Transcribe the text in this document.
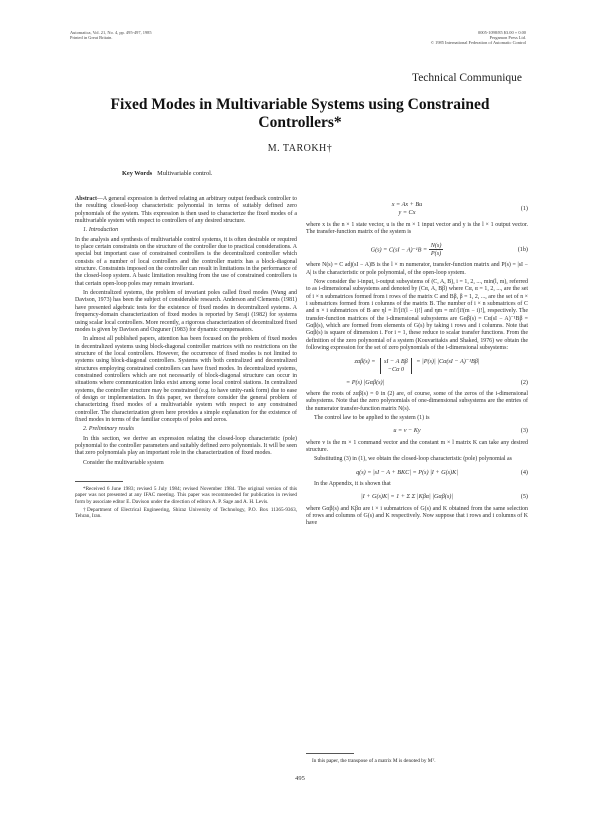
Automatica, Vol. 21, No. 4, pp. 495-497, 1985
Printed in Great Britain.
0005-1098/85 $3.00 + 0.00
Pergamon Press Ltd.
© 1985 International Federation of Automatic Control
Technical Communique
Fixed Modes in Multivariable Systems using Constrained Controllers*
M. TAROKH†
Key Words Multivariable control.

Abstract—A general expression is derived relating an arbitrary output feedback controller to the resulting closed-loop characteristic polynomial in terms of suitably defined zero polynomials of the system. This expression is then used to characterize the fixed modes of a multivariable system with respect to controllers of any desired structure.

1. Introduction

In the analysis and synthesis of multivariable control systems, it is often desirable or required to place certain constraints on the structure of the controller due to practical considerations. A special but important case of constrained controllers is the decentralized controller which consists of a number of local controllers and the controller matrix has a block-diagonal structure. Constraints imposed on the controller can result in limitations in the performance of the closed-loop system. A basic limitation resulting from the use of constrained controllers is that certain open-loop poles may remain invariant.

In decentralized systems, the problem of invariant poles called fixed modes (Wang and Davison, 1973) has been the subject of considerable research. Anderson and Clements (1981) have presented algebraic tests for the existence of fixed modes in decentralized systems. A frequency-domain characterization of fixed modes is reported by Seraji (1982) for systems using scalar local controllers. More recently, a rigorous characterization of decentralized fixed modes is given by Davison and Ozguner (1983) for dynamic compensators.

In almost all published papers, attention has been focused on the problem of fixed modes in decentralized systems using block-diagonal controller matrices with no restrictions on the structure of the local controllers. However, the occurrence of fixed modes is not limited to systems using block-diagonal controllers. Systems with both centralized and decentralized structures employing constrained controllers can have fixed modes. In decentralized systems, constrained controllers which are not necessarily of block-diagonal structure can occur in situations where communication links exist among some local control stations. In centralized systems, the controller structure may be constrained (e.g. to have unity-rank form) due to ease of design or implementation. In this paper, we therefore consider the general problem of characterizing fixed modes of a multivariable system with respect to any constrained controller. The characterization given here provides a simple explanation for the existence of fixed modes in terms of the familiar concepts of poles and zeros.

2. Preliminary results

In this section, we derive an expression relating the closed-loop characteristic (pole) polynomial to the controller parameters and suitably defined zero polynomials. It will be seen that zero polynomials play an important role in the characterization of fixed modes.

Consider the multivariable system

*Received 6 June 1983; revised 5 July 1984; revised November 1984. The original version of this paper was not presented at any IFAC meeting. This paper was recommended for publication in revised form by associate editor E. Davison under the direction of editors A. P. Sage and A. H. Levis.

†Department of Electrical Engineering, Shiraz University of Technology, P.O. Box 11365-9363, Tehran, Iran.

x = Ax + Bu
y = Cx
(1)

where x is the n × 1 state vector, u is the m × 1 input vector and y is the l × 1 output vector. The transfer-function matrix of the system is

$G(s) = C(sI - A)^{-1}B = \frac{N(s)}{P(s)}$	(1b)

where N(s) = C adj(sI − A)B is the l × m numerator, transfer-function matrix and P(s) = |sI − A| is the characteristic or pole polynomial, of the open-loop system.

Now consider the i-input, i-output subsystems of (C, A, B), i = 1, 2, ..., min(l, m), referred to as i-dimensional subsystems and denoted by (Cα, A, Bβ) where Cα, α = 1, 2, ..., are the set of i × n submatrices formed from i rows of the matrix C and Bβ, β = 1, 2, ..., are the set of n × i submatrices formed from i columns of the matrix B. The number of i × n submatrices of C and n × i submatrices of B are ηl = l!/[i!(l − i)!] and ηm = m!/[i!(m − i)!], respectively. The transfer-function matrices of the i-dimensional subsystems are Gαβ(s) = Cα(sI − A)⁻¹Bβ = Gαβ(s), which are formed from elements of G(s) by taking i rows and i columns. Note that Gαβ(s) is square of dimension i. For i = 1, these reduce to scalar transfer functions. From the definition of the zero polynomial of a system (Kouvaritakis and Shaked, 1976) we obtain the following expression for the set of zero polynomials of the i-dimensional subsystems:

zαβ(s) = sI − A Bβ
−Cα 0
= |P(s)| |Cα(sI − A)⁻¹Bβ|
= P(s) |Gαβ(s)|	(2)

where the roots of zαβ(s) = 0 in (2) are, of course, some of the zeros of the i-dimensional subsystems. Note that the zero polynomials of one-dimensional subsystems are the entries of the numerator transfer-function matrix N(s).

The control law to be applied to the system (1) is

u = v − Ky	(3)

where v is the m × 1 command vector and the constant m × l matrix K can take any desired structure.

Substituting (3) in (1), we obtain the closed-loop characteristic (pole) polynomial as

q(s) = |sI − A + BKC| = P(s) |I + G(s)K|	(4)

In the Appendix, it is shown that

|I + G(s)K| = 1 + Σ Σ |Kβα| |Gαβ(s)|	(5)

where Gαβ(s) and Kβα are i × i submatrices of G(s) and K obtained from the same selection of rows and columns of G(s) and K respectively. Now suppose that i rows and i columns of K have

In this paper, the transpose of a matrix M is denoted by Mᵀ.

495
